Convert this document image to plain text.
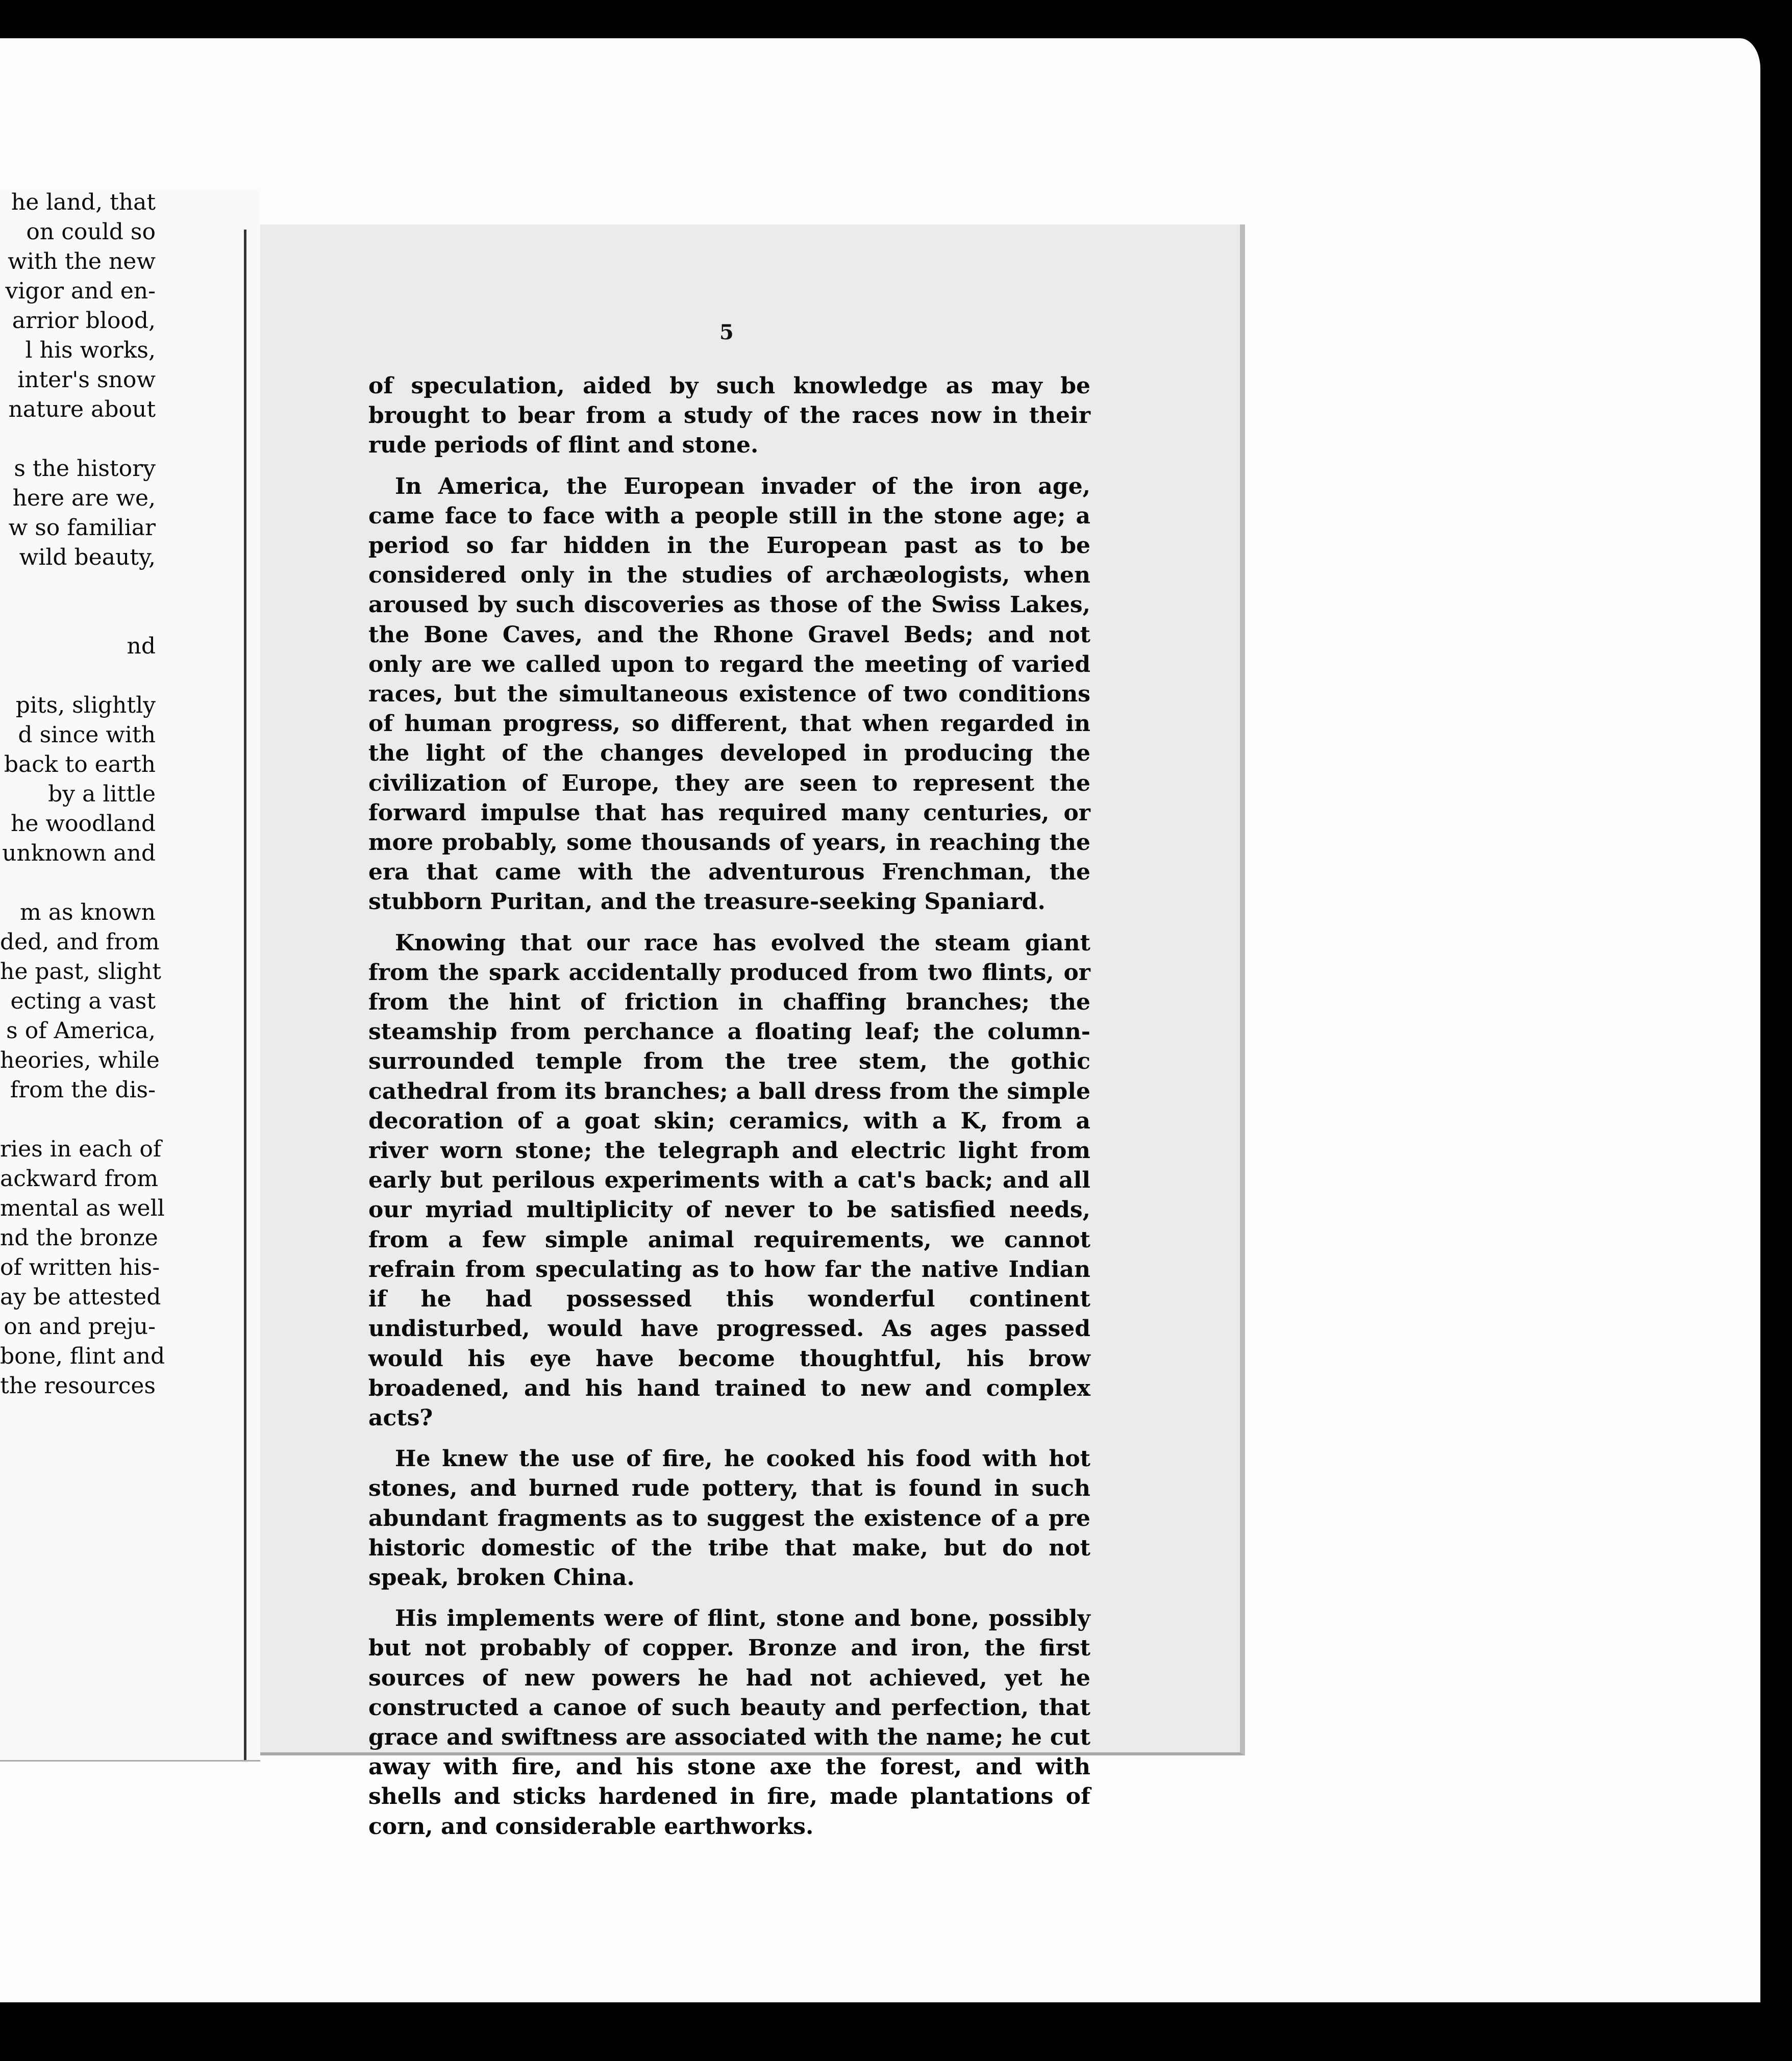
he land, that
on could so
with the new
vigor and en-
arrior blood,
l his works,
inter's snow
nature about
s the history
here are we,
w so familiar
wild beauty,
nd
pits, slightly
d since with
back to earth
by a little
he woodland
unknown and
m as known
ded, and from
he past, slight
ecting a vast
s of America,
heories, while
from the dis-
ries in each of
ackward from
mental as well
nd the bronze
of written his-
ay be attested
on and preju-
bone, flint and
the resources
5

of speculation, aided by such knowledge as may be brought to bear from a study of the races now in their rude periods of flint and stone.

In America, the European invader of the iron age, came face to face with a people still in the stone age; a period so far hidden in the European past as to be considered only in the studies of archæologists, when aroused by such discoveries as those of the Swiss Lakes, the Bone Caves, and the Rhone Gravel Beds; and not only are we called upon to regard the meeting of varied races, but the simultaneous existence of two conditions of human progress, so different, that when regarded in the light of the changes developed in producing the civilization of Europe, they are seen to represent the forward impulse that has required many centuries, or more probably, some thousands of years, in reaching the era that came with the adventurous Frenchman, the stubborn Puritan, and the treasure-seeking Spaniard.

Knowing that our race has evolved the steam giant from the spark accidentally produced from two flints, or from the hint of friction in chaffing branches; the steamship from perchance a floating leaf; the column-surrounded temple from the tree stem, the gothic cathedral from its branches; a ball dress from the simple decoration of a goat skin; ceramics, with a K, from a river worn stone; the telegraph and electric light from early but perilous experiments with a cat's back; and all our myriad multiplicity of never to be satisfied needs, from a few simple animal requirements, we cannot refrain from speculating as to how far the native Indian if he had possessed this wonderful continent undisturbed, would have progressed. As ages passed would his eye have become thoughtful, his brow broadened, and his hand trained to new and complex acts?

He knew the use of fire, he cooked his food with hot stones, and burned rude pottery, that is found in such abundant fragments as to suggest the existence of a pre historic domestic of the tribe that make, but do not speak, broken China.

His implements were of flint, stone and bone, possibly but not probably of copper. Bronze and iron, the first sources of new powers he had not achieved, yet he constructed a canoe of such beauty and perfection, that grace and swiftness are associated with the name; he cut away with fire, and his stone axe the forest, and with shells and sticks hardened in fire, made plantations of corn, and considerable earthworks.
